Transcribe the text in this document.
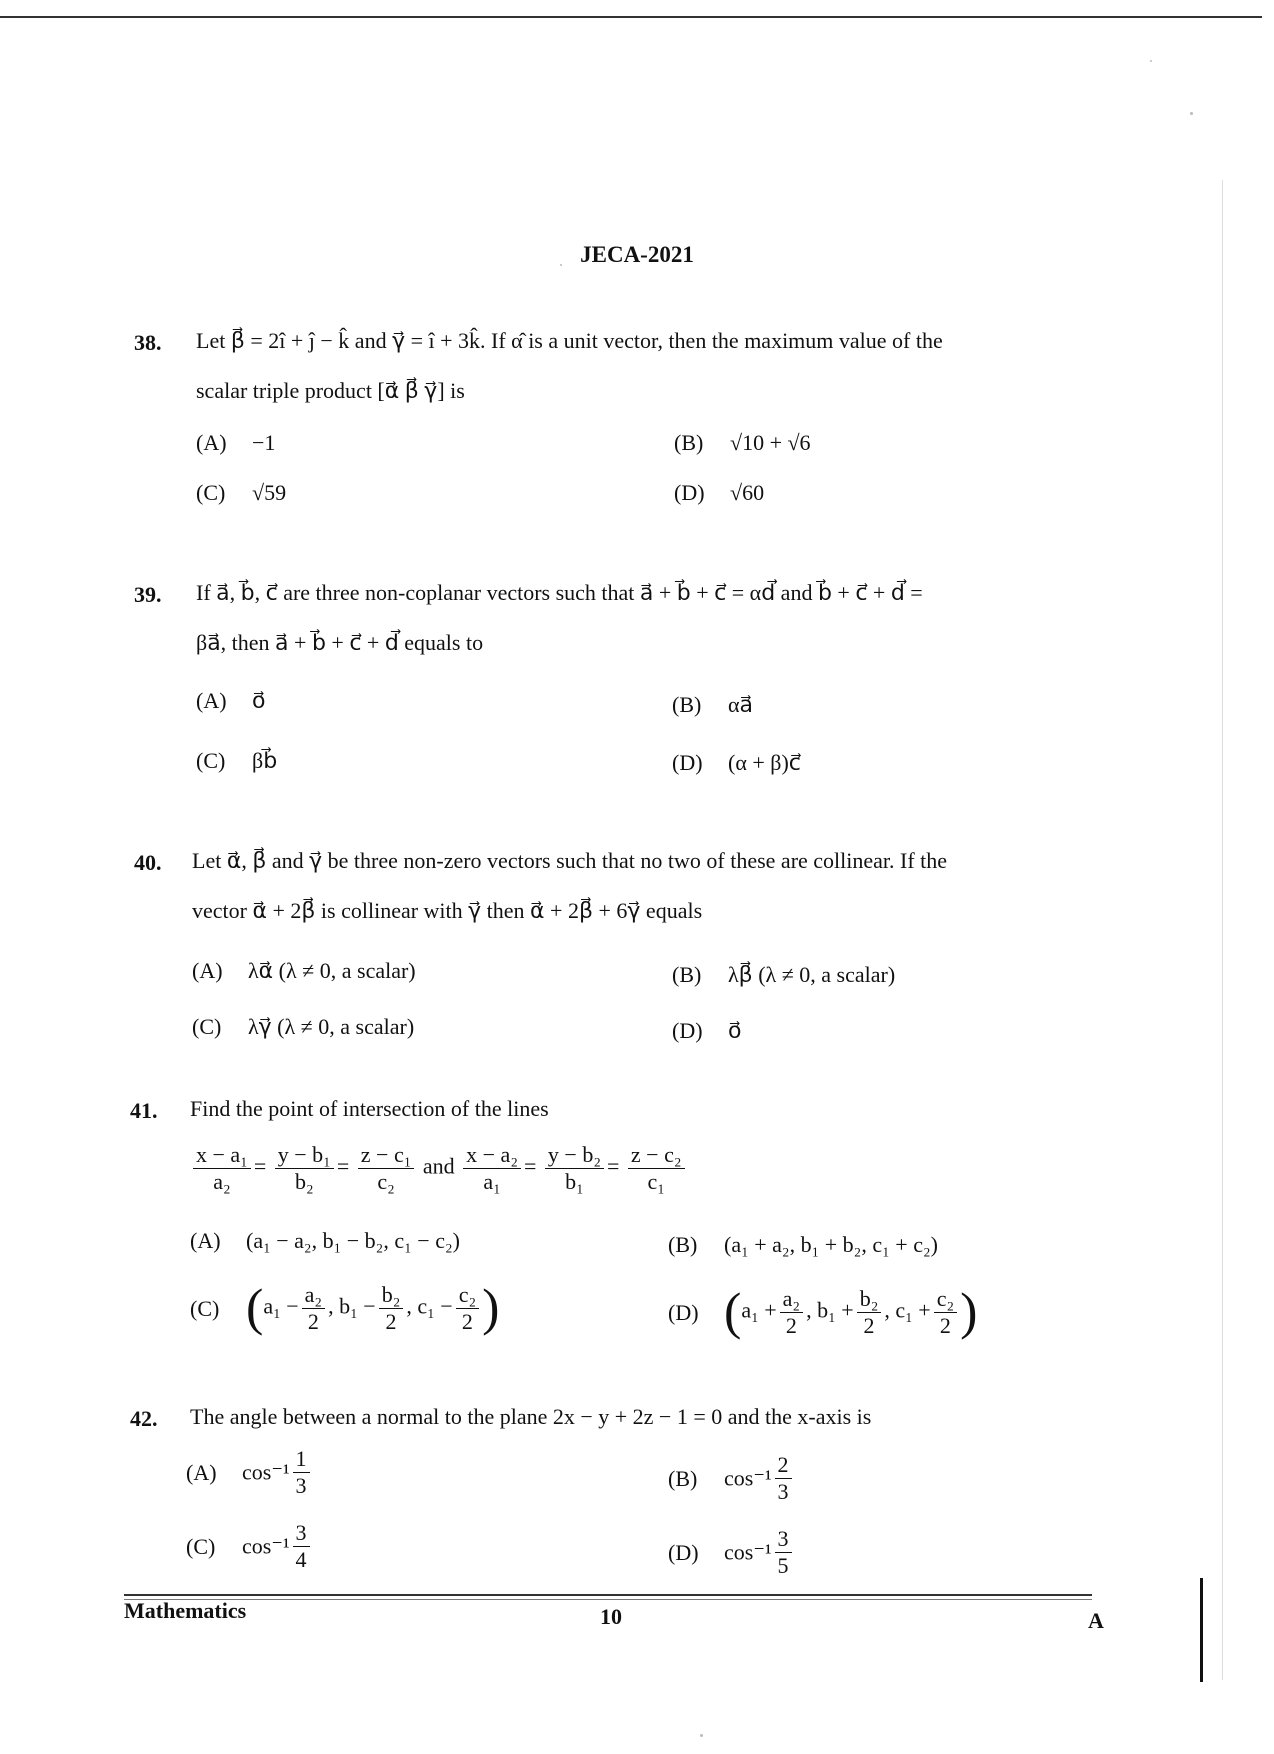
JECA-2021
38. Let β⃗ = 2î + ĵ − k̂ and γ⃗ = î + 3k̂. If α̂ is a unit vector, then the maximum value of the
scalar triple product [α⃗ β⃗ γ⃗] is
(A) −1	(B) √10 + √6
(C) √59	(D) √60
39. If a⃗, b⃗, c⃗ are three non-coplanar vectors such that a⃗ + b⃗ + c⃗ = αd⃗ and b⃗ + c⃗ + d⃗ =
βa⃗, then a⃗ + b⃗ + c⃗ + d⃗ equals to
(A) o⃗	(B) αa⃗
(C) βb⃗	(D) (α + β)c⃗
40. Let α⃗, β⃗ and γ⃗ be three non-zero vectors such that no two of these are collinear. If the
vector α⃗ + 2β⃗ is collinear with γ⃗ then α⃗ + 2β⃗ + 6γ⃗ equals
(A) λα⃗ (λ ≠ 0, a scalar)	(B) λβ⃗ (λ ≠ 0, a scalar)
(C) λγ⃗ (λ ≠ 0, a scalar)	(D) o⃗
41. Find the point of intersection of the lines
$\frac{\text{x − a₁}}{\text{a₂}} = \frac{\text{y − b₁}}{\text{b₂}} = \frac{\text{z − c₁}}{\text{c₂}}$ and $\frac{\text{x − a₂}}{\text{a₁}} = \frac{\text{y − b₂}}{\text{b₁}} = \frac{\text{z − c₂}}{\text{c₁}}$
(A) (a₁ − a₂, b₁ − b₂, c₁ − c₂)	(B) (a₁ + a₂, b₁ + b₂, c₁ + c₂)
(C) ($a_1 - \frac{\text{a₂}}{2}$ , $b_1 - \frac{\text{b₂}}{2}$ , $c_1 - \frac{\text{c₂}}{2}$ )	(D) ($a_1 + \frac{\text{a₂}}{2}$ , $b_1 + \frac{\text{b₂}}{2}$ , $c_1 + \frac{\text{c₂}}{2}$ )
42. The angle between a normal to the plane 2x − y + 2z − 1 = 0 and the x-axis is
(A) $\cos^{-1} \frac{1}{3}$	(B) $\cos^{-1} \frac{2}{3}$
(C) $\cos^{-1} \frac{3}{4}$	(D) $\cos^{-1} \frac{3}{5}$
Mathematics	10	A
